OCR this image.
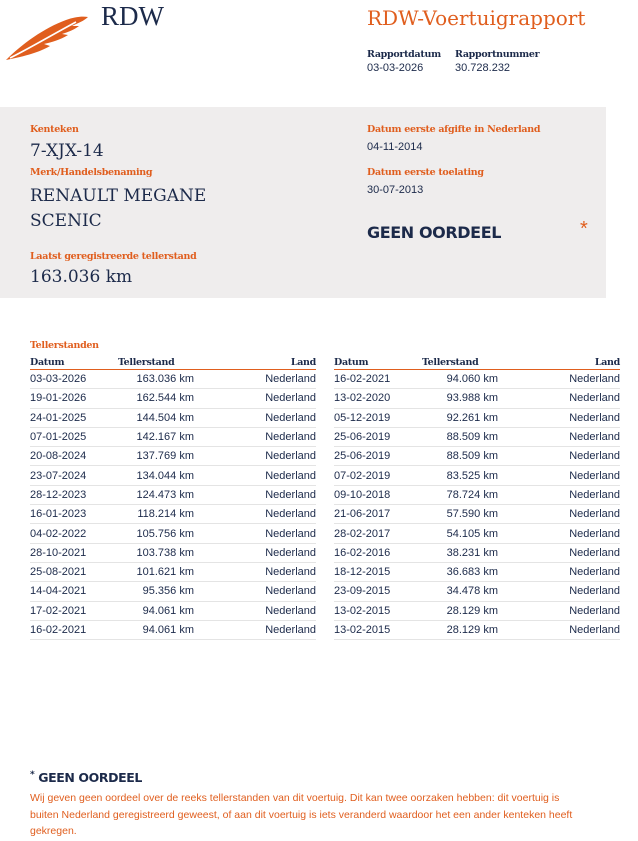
RDW	RDW-Voertuigrapport
Rapportdatum
03-03-2026
Rapportnummer
30.728.232
Kenteken
7-XJX-14
Merk/Handelsbenaming
RENAULT MEGANE
SCENIC
Laatst geregistreerde tellerstand
163.036 km
Datum eerste afgifte in Nederland
04-11-2014
Datum eerste toelating
30-07-2013
GEEN OORDEEL	*
Tellerstanden
Datum	Tellerstand	Land
03-03-2026	163.036 km	Nederland
19-01-2026	162.544 km	Nederland
24-01-2025	144.504 km	Nederland
07-01-2025	142.167 km	Nederland
20-08-2024	137.769 km	Nederland
23-07-2024	134.044 km	Nederland
28-12-2023	124.473 km	Nederland
16-01-2023	118.214 km	Nederland
04-02-2022	105.756 km	Nederland
28-10-2021	103.738 km	Nederland
25-08-2021	101.621 km	Nederland
14-04-2021	95.356 km	Nederland
17-02-2021	94.061 km	Nederland
16-02-2021	94.061 km	Nederland
Datum	Tellerstand	Land
16-02-2021	94.060 km	Nederland
13-02-2020	93.988 km	Nederland
05-12-2019	92.261 km	Nederland
25-06-2019	88.509 km	Nederland
25-06-2019	88.509 km	Nederland
07-02-2019	83.525 km	Nederland
09-10-2018	78.724 km	Nederland
21-06-2017	57.590 km	Nederland
28-02-2017	54.105 km	Nederland
16-02-2016	38.231 km	Nederland
18-12-2015	36.683 km	Nederland
23-09-2015	34.478 km	Nederland
13-02-2015	28.129 km	Nederland
13-02-2015	28.129 km	Nederland
* GEEN OORDEEL
Wij geven geen oordeel over de reeks tellerstanden van dit voertuig. Dit kan twee oorzaken hebben: dit voertuig is buiten Nederland geregistreerd geweest, of aan dit voertuig is iets veranderd waardoor het een ander kenteken heeft gekregen.
